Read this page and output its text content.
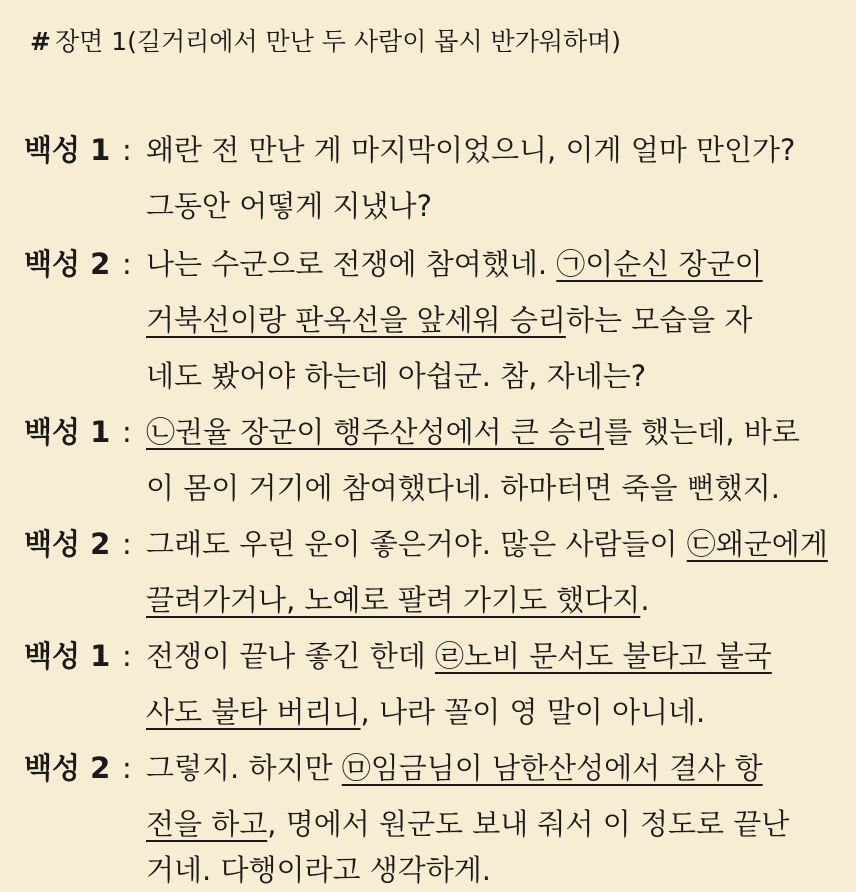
# 장면 1(길거리에서 만난 두 사람이 몹시 반가워하며)
백성 1 : 왜란 전 만난 게 마지막이었으니, 이게 얼마 만인가?
그동안 어떻게 지냈나?
백성 2 : 나는 수군으로 전쟁에 참여했네. ㉠이순신 장군이
거북선이랑 판옥선을 앞세워 승리하는 모습을 자
네도 봤어야 하는데 아쉽군. 참, 자네는?
백성 1 : ㉡권율 장군이 행주산성에서 큰 승리를 했는데, 바로
이 몸이 거기에 참여했다네. 하마터면 죽을 뻔했지.
백성 2 : 그래도 우린 운이 좋은거야. 많은 사람들이 ㉢왜군에게
끌려가거나, 노예로 팔려 가기도 했다지.
백성 1 : 전쟁이 끝나 좋긴 한데 ㉣노비 문서도 불타고 불국
사도 불타 버리니, 나라 꼴이 영 말이 아니네.
백성 2 : 그렇지. 하지만 ㉤임금님이 남한산성에서 결사 항
전을 하고, 명에서 원군도 보내 줘서 이 정도로 끝난
거네. 다행이라고 생각하게.
